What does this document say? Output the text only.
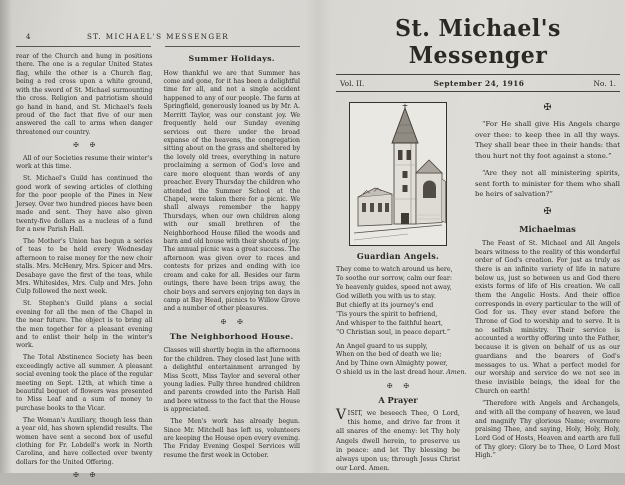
4	ST. MICHAEL'S MESSENGER

rear of the Church and hung in positions there. The one is a regular United States flag, while the other is a Church flag, being a red cross upon a white ground, with the sword of St. Michael surmounting the cross. Religion and patriotism should go hand in hand, and St. Michael's feels proud of the fact that five of our men answered the call to arms when danger threatened our country.

✠ ✠

All of our Societies resume their winter's work at this time.

St. Michael's Guild has continued the good work of sewing articles of clothing for the poor people of the Pines in New Jersey. Over two hundred pieces have been made and sent. They have also given twenty-five dollars as a nucleus of a fund for a new Parish Hall.

The Mother's Union has begun a series of teas to be held every Wednesday afternoon to raise money for the new choir stalls. Mrs. McHenry, Mrs. Spicer and Mrs. Desabaye gave the first of the teas, while Mrs. Whitesides, Mrs. Culp and Mrs. John Culp followed the next week.

St. Stephen's Guild plans a social evening for all the men of the Chapel in the near future. The object is to bring all the men together for a pleasant evening and to enlist their help in the winter's work.

The Total Abstinence Society has been exceedingly active all summer. A pleasant social evening took the place of the regular meeting on Sept. 12th, at which time a beautiful boquet of flowers was presented to Miss Leaf and a sum of money to purchase books to the Vicar.

The Woman's Auxiliary, though less than a year old, has shown splendid results. The women have sent a second box of useful clothing for Fr. Lobdell's work in North Carolina, and have collected over twenty dollars for the United Offering.

✠ ✠
Summer Holidays.

How thankful we are that Summer has come and gone, for it has been a delightful time for all, and not a single accident happened to any of our people. The farm at Springfield, generously loaned us by Mr. A. Merritt Taylor, was our constant joy. We frequently held our Sunday evening services out there under the broad expanse of the heavens, the congregation sitting about on the grass and sheltered by the lovely old trees, everything in nature proclaiming a sermon of God's love and care more eloquent than words of any preacher. Every Thursday the children who attended the Summer School at the Chapel, were taken there for a picnic. We shall always remember the happy Thursdays, when our own children along with our small brethren of the Neighborhood House filled the woods and barn and old house with their shouts of joy. The annual picnic was a great success. The afternoon was given over to races and contests for prizes and ending with ice cream and cake for all. Besides our farm outings, there have been trips away, the choir boys and servers enjoying ten days in camp at Bay Head, picnics to Willow Grove and a number of other pleasures.

✠ ✠
The Neighborhood House.

Classes will shortly begin in the afternoons for the children. They closed last June with a delightful entertainment arranged by Miss Scott, Miss Taylor and several other young ladies. Fully three hundred children and parents crowded into the Parish Hall and bore witness to the fact that the House is appreciated.

The Men's work has already begun. Since Mr. Mitchell has left us, volunteers are keeping the House open every evening. The Friday Evening Gospel Services will resume the first week in October.

St. Michael's Messenger
Vol. II.	September 24, 1916	No. 1.
Guardian Angels.
They come to watch around us here,
To soothe our sorrow, calm our fear:
Ye heavenly guides, speed not away,
God willeth you with us to stay.
But chiefly at its journey's end
'Tis yours the spirit to befriend,
And whisper to the faithful heart,
“O Christian soul, in peace depart.”
An Angel guard to us supply,
When on the bed of death we lie;
And by Thine own Almighty power,
O shield us in the last dread hour. Amen.
✠ ✠
A Prayer

VISIT, we beseech Thee, O Lord, this home, and drive far from it all snares of the enemy: let Thy holy Angels dwell herein, to preserve us in peace: and let Thy blessing be always upon us; through Jesus Christ our Lord. Amen.

✠

“For He shall give His Angels charge over thee: to keep thee in all thy ways. They shall bear thee in their hands: that thou hurt not thy foot against a stone.”

“Are they not all ministering spirits, sent forth to minister for them who shall be heirs of salvation?”

✠
Michaelmas

The Feast of St. Michael and All Angels bears witness to the reality of this wonderful order of God's creation. For just as truly as there is an infinite variety of life in nature below us, just so between us and God there exists forms of life of His creation. We call them the Angelic Hosts. And their office corresponds in every particular to the will of God for us. They ever stand before the Throne of God to worship and to serve. It is no selfish ministry. Their service is accounted a worthy offering unto the Father, because it is given on behalf of us as our guardians and the bearers of God's messages to us. What a perfect model for our worship and service do we not see in these invisible beings, the ideal for the Church on earth!

“Therefore with Angels and Archangels, and with all the company of heaven, we laud and magnify Thy glorious Name; evermore praising Thee, and saying, Holy, Holy, Holy, Lord God of Hosts, Heaven and earth are full of Thy glory: Glory be to Thee, O Lord Most High.”
